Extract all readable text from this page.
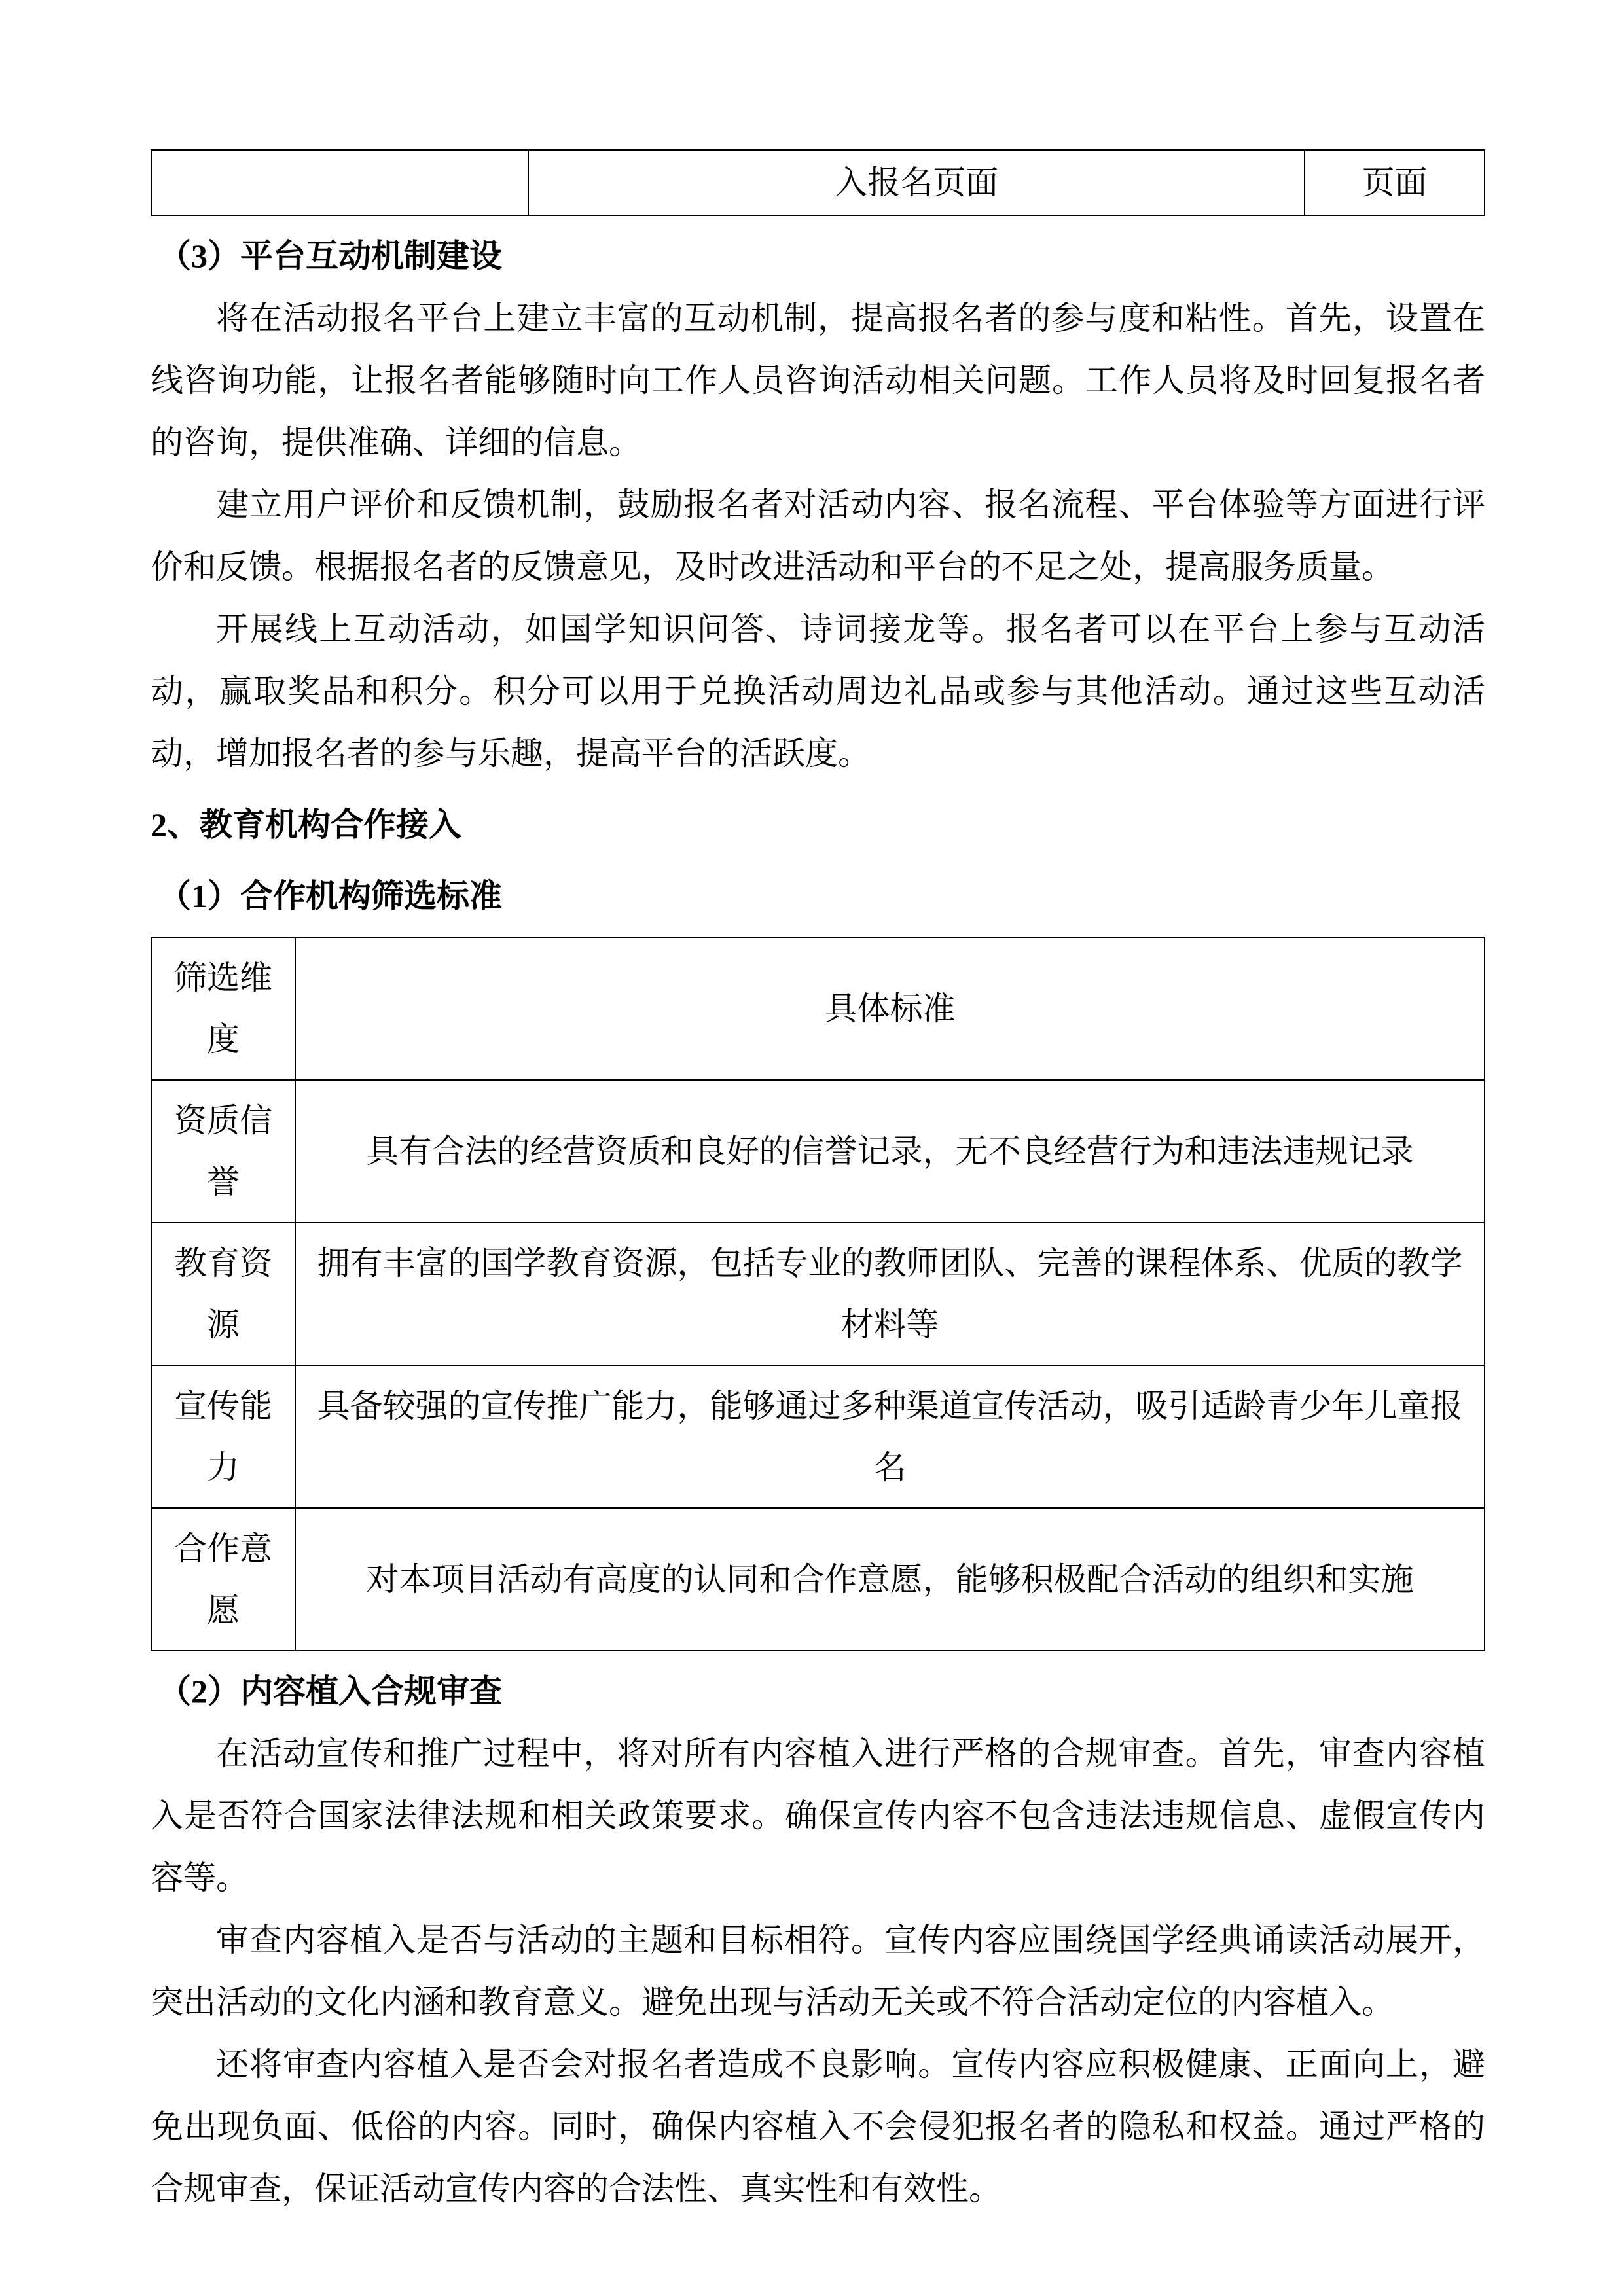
	入报名页面	页面
（3）平台互动机制建设

将在活动报名平台上建立丰富的互动机制，提高报名者的参与度和粘性。首先，设置在线咨询功能，让报名者能够随时向工作人员咨询活动相关问题。工作人员将及时回复报名者的咨询，提供准确、详细的信息。

建立用户评价和反馈机制，鼓励报名者对活动内容、报名流程、平台体验等方面进行评价和反馈。根据报名者的反馈意见，及时改进活动和平台的不足之处，提高服务质量。

开展线上互动活动，如国学知识问答、诗词接龙等。报名者可以在平台上参与互动活动，赢取奖品和积分。积分可以用于兑换活动周边礼品或参与其他活动。通过这些互动活动，增加报名者的参与乐趣，提高平台的活跃度。

2、教育机构合作接入
（1）合作机构筛选标准
筛选维度	具体标准
资质信誉	具有合法的经营资质和良好的信誉记录，无不良经营行为和违法违规记录
教育资源	拥有丰富的国学教育资源，包括专业的教师团队、完善的课程体系、优质的教学材料等
宣传能力	具备较强的宣传推广能力，能够通过多种渠道宣传活动，吸引适龄青少年儿童报名
合作意愿	对本项目活动有高度的认同和合作意愿，能够积极配合活动的组织和实施
（2）内容植入合规审查

在活动宣传和推广过程中，将对所有内容植入进行严格的合规审查。首先，审查内容植入是否符合国家法律法规和相关政策要求。确保宣传内容不包含违法违规信息、虚假宣传内容等。

审查内容植入是否与活动的主题和目标相符。宣传内容应围绕国学经典诵读活动展开，突出活动的文化内涵和教育意义。避免出现与活动无关或不符合活动定位的内容植入。

还将审查内容植入是否会对报名者造成不良影响。宣传内容应积极健康、正面向上，避免出现负面、低俗的内容。同时，确保内容植入不会侵犯报名者的隐私和权益。通过严格的合规审查，保证活动宣传内容的合法性、真实性和有效性。
